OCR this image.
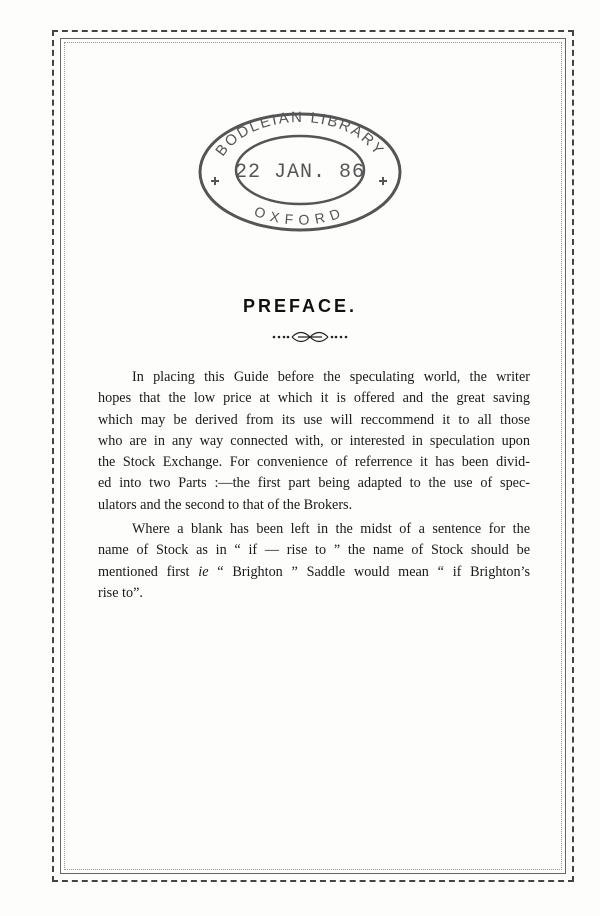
BODLEIAN LIBRARY
22 JAN. 86
OXFORD
PREFACE.
In placing this Guide before the speculating world, the writer
hopes that the low price at which it is offered and the great saving
which may be derived from its use will reccommend it to all those
who are in any way connected with, or interested in speculation upon
the Stock Exchange. For convenience of referrence it has been divid-
ed into two Parts :—the first part being adapted to the use of spec-
ulators and the second to that of the Brokers.
Where a blank has been left in the midst of a sentence for the
name of Stock as in “ if — rise to ” the name of Stock should be
mentioned first ie “ Brighton ” Saddle would mean “ if Brighton’s
rise to”.
